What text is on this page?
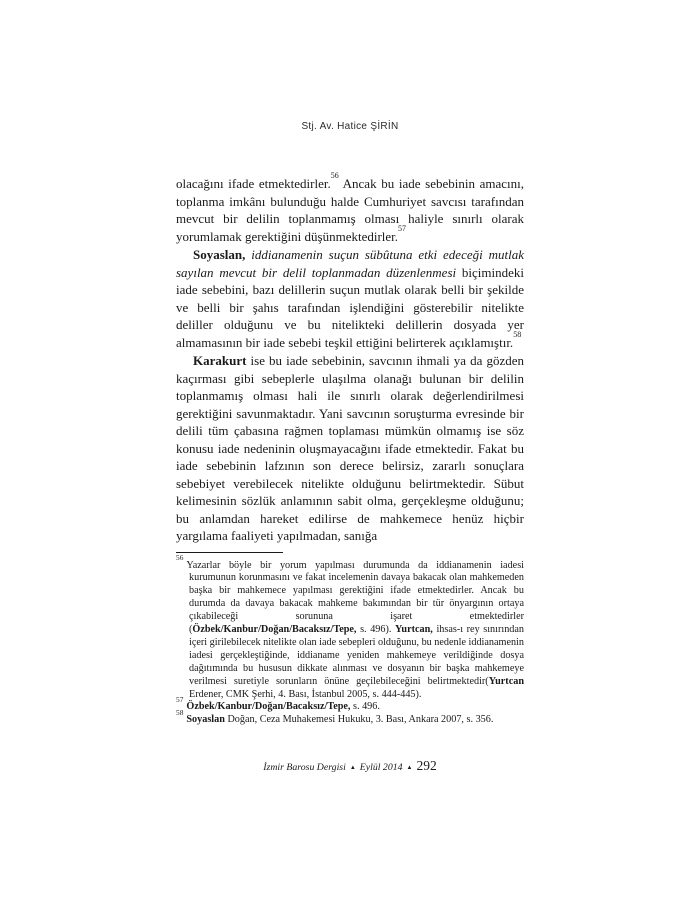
Stj. Av. Hatice ŞİRİN

olacağını ifade etmektedirler.$^{56}$ Ancak bu iade sebebinin amacını, toplanma imkânı bulunduğu halde Cumhuriyet savcısı tarafından mevcut bir delilin toplanmamış olması haliyle sınırlı olarak yorumlamak gerektiğini düşünmektedirler.$^{57}$

Soyaslan, iddianamenin suçun sübûtuna etki edeceği mutlak sayılan mevcut bir delil toplanmadan düzenlenmesi biçimindeki iade sebebini, bazı delillerin suçun mutlak olarak belli bir şekilde ve belli bir şahıs tarafından işlendiğini gösterebilir nitelikte deliller olduğunu ve bu nitelikteki delillerin dosyada yer almamasının bir iade sebebi teşkil ettiğini belirterek açıklamıştır.$^{58}$

Karakurt ise bu iade sebebinin, savcının ihmali ya da gözden kaçırması gibi sebeplerle ulaşılma olanağı bulunan bir delilin toplanmamış olması hali ile sınırlı olarak değerlendirilmesi gerektiğini savunmaktadır. Yani savcının soruşturma evresinde bir delili tüm çabasına rağmen toplaması mümkün olmamış ise söz konusu iade nedeninin oluşmayacağını ifade etmektedir. Fakat bu iade sebebinin lafzının son derece belirsiz, zararlı sonuçlara sebebiyet verebilecek nitelikte olduğunu belirtmektedir. Sübut kelimesinin sözlük anlamının sabit olma, gerçekleşme olduğunu; bu anlamdan hareket edilirse de mahkemece henüz hiçbir yargılama faaliyeti yapılmadan, sanığa

$^{56}$Yazarlar böyle bir yorum yapılması durumunda da iddianamenin iadesi kurumunun korunmasını ve fakat incelemenin davaya bakacak olan mahkemeden başka bir mahkemece yapılması gerektiğini ifade etmektedirler. Ancak bu durumda da davaya bakacak mahkeme bakımından bir tür önyargının ortaya çıkabileceği sorununa işaret etmektedirler (Özbek/Kanbur/Doğan/Bacaksız/Tepe, s. 496). Yurtcan, ihsas-ı rey sınırından içeri girilebilecek nitelikte olan iade sebepleri olduğunu, bu nedenle iddianamenin iadesi gerçekleştiğinde, iddianame yeniden mahkemeye verildiğinde dosya dağıtımında bu hususun dikkate alınması ve dosyanın bir başka mahkemeye verilmesi suretiyle sorunların önüne geçilebileceğini belirtmektedir(Yurtcan Erdener, CMK Şerhi, 4. Bası, İstanbul 2005, s. 444-445).

$^{57}$Özbek/Kanbur/Doğan/Bacaksız/Tepe, s. 496.

$^{58}$Soyaslan Doğan, Ceza Muhakemesi Hukuku, 3. Bası, Ankara 2007, s. 356.

İzmir Barosu Dergisi ▲ Eylül 2014 ▲ 292
